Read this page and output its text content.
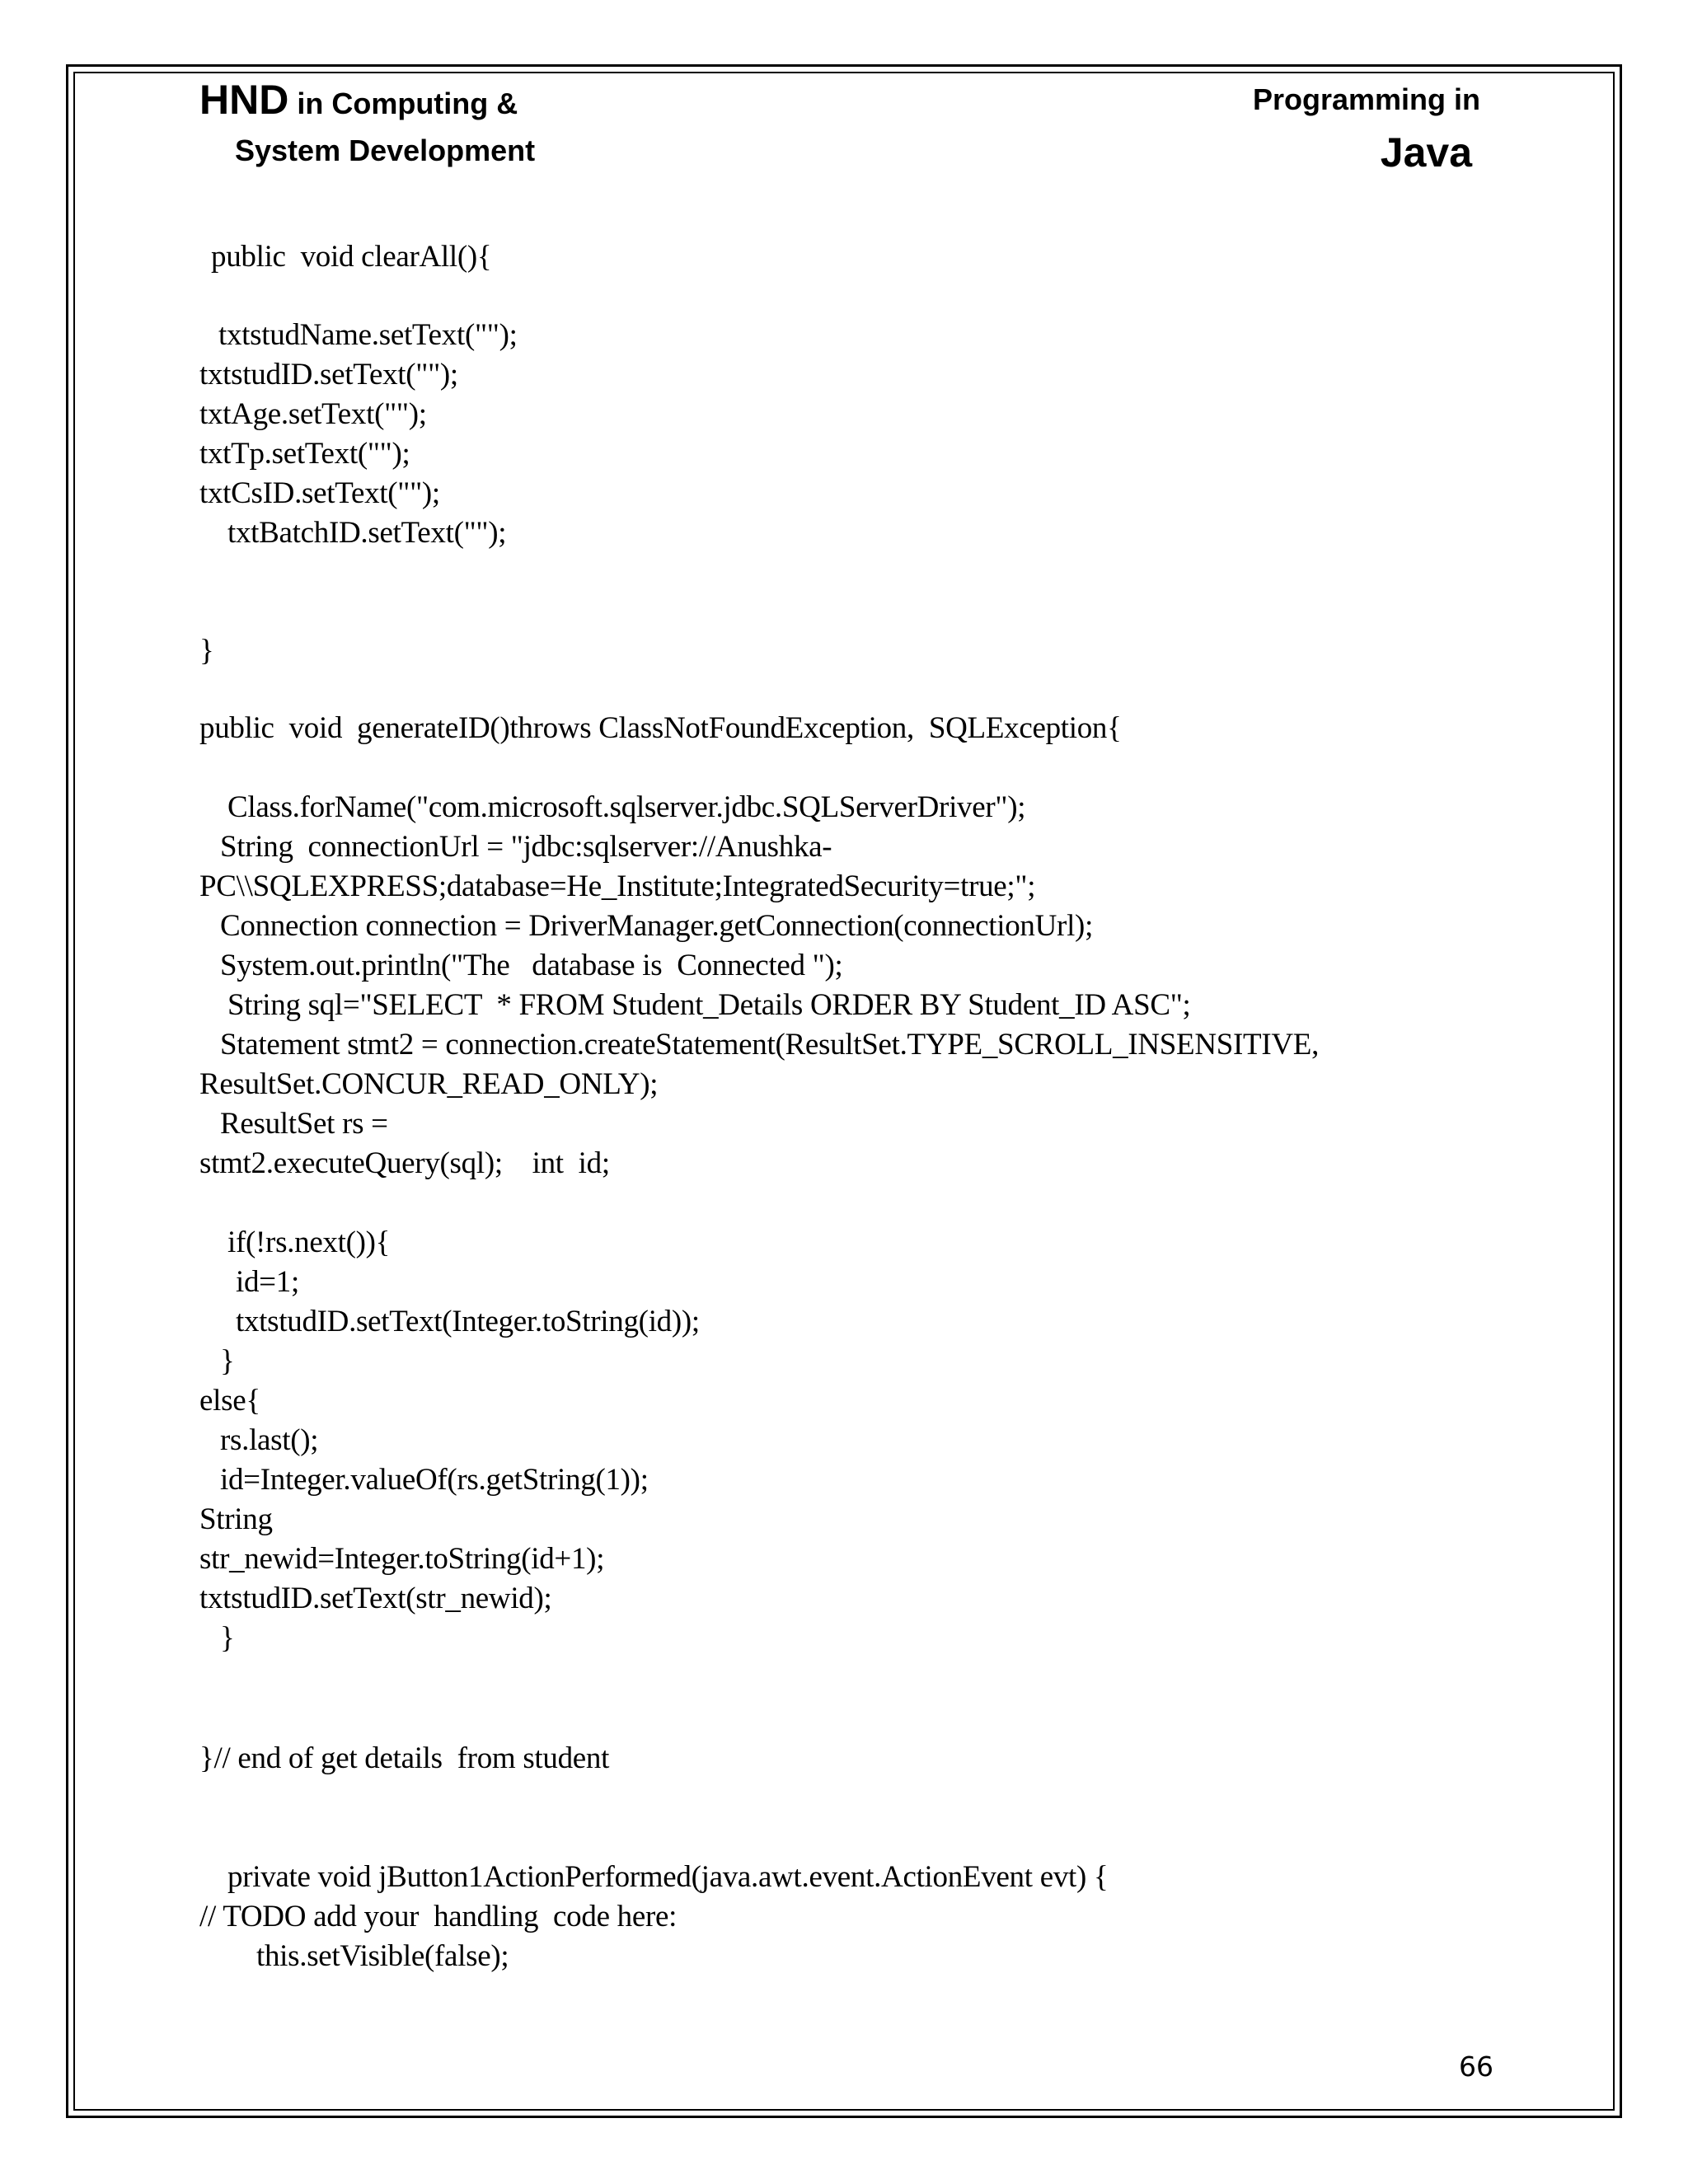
HND in Computing &
System Development
Programming in
Java
public  void clearAll(){
txtstudName.setText("");
txtstudID.setText("");
txtAge.setText("");
txtTp.setText("");
txtCsID.setText("");
txtBatchID.setText("");
}
public  void  generateID()throws ClassNotFoundException,  SQLException{
Class.forName("com.microsoft.sqlserver.jdbc.SQLServerDriver");
String  connectionUrl = "jdbc:sqlserver://Anushka-
PC\\SQLEXPRESS;database=He_Institute;IntegratedSecurity=true;";
Connection connection = DriverManager.getConnection(connectionUrl);
System.out.println("The   database is  Connected ");
String sql="SELECT  * FROM Student_Details ORDER BY Student_ID ASC";
Statement stmt2 = connection.createStatement(ResultSet.TYPE_SCROLL_INSENSITIVE,
ResultSet.CONCUR_READ_ONLY);
ResultSet rs =
stmt2.executeQuery(sql);    int  id;
if(!rs.next()){
id=1;
txtstudID.setText(Integer.toString(id));
}
else{
rs.last();
id=Integer.valueOf(rs.getString(1));
String
str_newid=Integer.toString(id+1);
txtstudID.setText(str_newid);
}
}// end of get details  from student
private void jButton1ActionPerformed(java.awt.event.ActionEvent evt) {
// TODO add your  handling  code here:
this.setVisible(false);
66
